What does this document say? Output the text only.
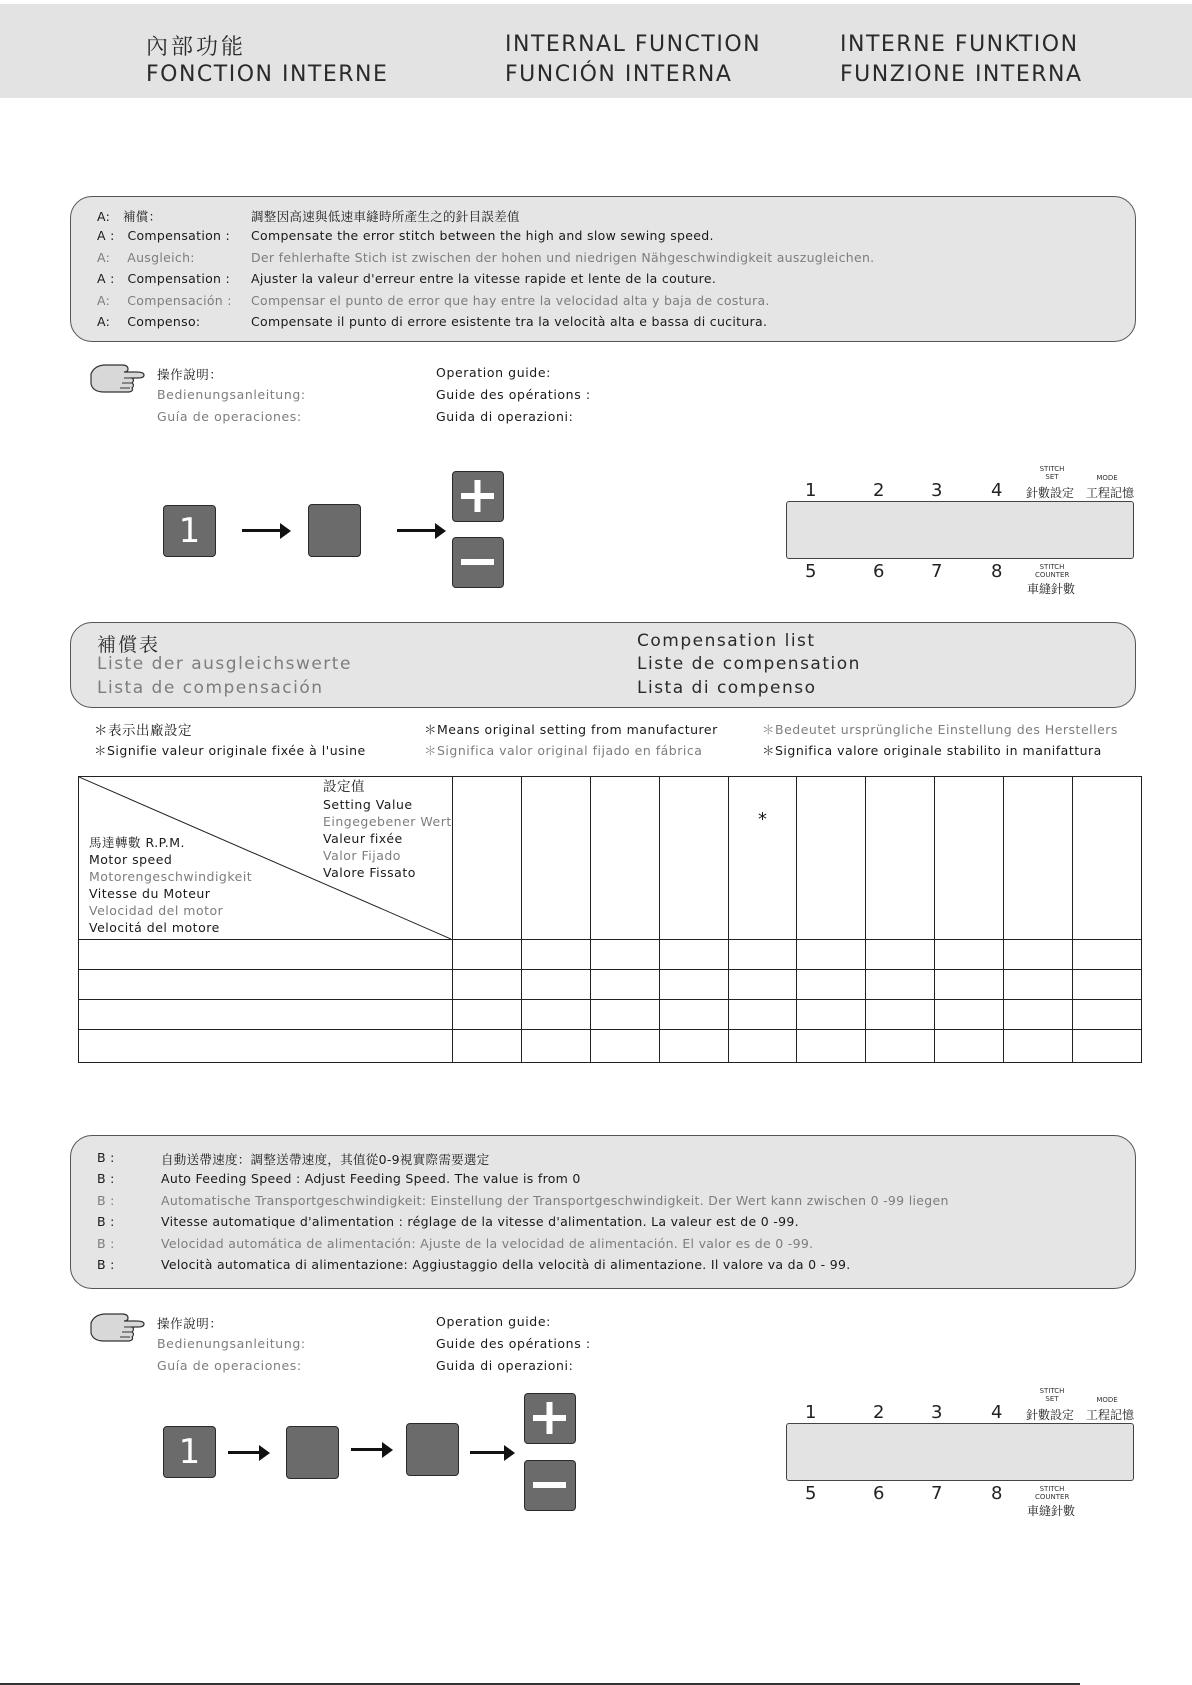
內部功能
FONCTION INTERNE
INTERNAL FUNCTION
FUNCIÓN INTERNA
INTERNE FUNKTION
FUNZIONE INTERNA
A:   補償：	調整因高速與低速車縫時所產生之的針目誤差值
A :   Compensation : Compensate the error stitch between the high and slow sewing speed.
A:    Ausgleich:	Der fehlerhafte Stich ist zwischen der hohen und niedrigen Nähgeschwindigkeit auszugleichen.
A :   Compensation : Ajuster la valeur d'erreur entre la vitesse rapide et lente de la couture.
A:    Compensación : Compensar el punto de error que hay entre la velocidad alta y baja de costura.
A:    Compenso:	Compensate il punto di errore esistente tra la velocità alta e bassa di cucitura.
操作說明：
Bedienungsanleitung:
Guía de operaciones:
Operation guide:
Guide des opérations :
Guida di operazioni:
1
1	2	3	4
STITCH
SET
針數設定
MODE
工程記憶
5	6	7	8	STITCH
COUNTER
車縫針數
補償表
Liste der ausgleichswerte
Lista de compensación
Compensation list
Liste de compensation
Lista di compenso
＊表示出廠設定	＊Means original setting from manufacturer	＊Bedeutet ursprüngliche Einstellung des Herstellers
＊Signifie valeur originale fixée à l'usine	＊Significa valor original fijado en fábrica	＊Significa valore originale stabilito in manifattura

					*					

設定值
Setting Value
Eingegebener Wert
Valeur fixée
Valor Fijado
Valore Fissato
馬達轉數 R.P.M.
Motor speed
Motorengeschwindigkeit
Vitesse du Moteur
Velocidad del motor
Velocitá del motore
B :	自動送帶速度：調整送帶速度，其值從0-9視實際需要選定
B :	Auto Feeding Speed : Adjust Feeding Speed. The value is from 0
B :	Automatische Transportgeschwindigkeit: Einstellung der Transportgeschwindigkeit. Der Wert kann zwischen 0 -99 liegen
B :	Vitesse automatique d'alimentation : réglage de la vitesse d'alimentation. La valeur est de 0 -99.
B :	Velocidad automática de alimentación: Ajuste de la velocidad de alimentación. El valor es de 0 -99.
B :	Velocità automatica di alimentazione: Aggiustaggio della velocità di alimentazione. Il valore va da 0 - 99.
操作說明：
Bedienungsanleitung:
Guía de operaciones:
Operation guide:
Guide des opérations :
Guida di operazioni:
1
1	2	3	4
STITCH
SET
針數設定
MODE
工程記憶
5	6	7	8	STITCH
COUNTER
車縫針數
